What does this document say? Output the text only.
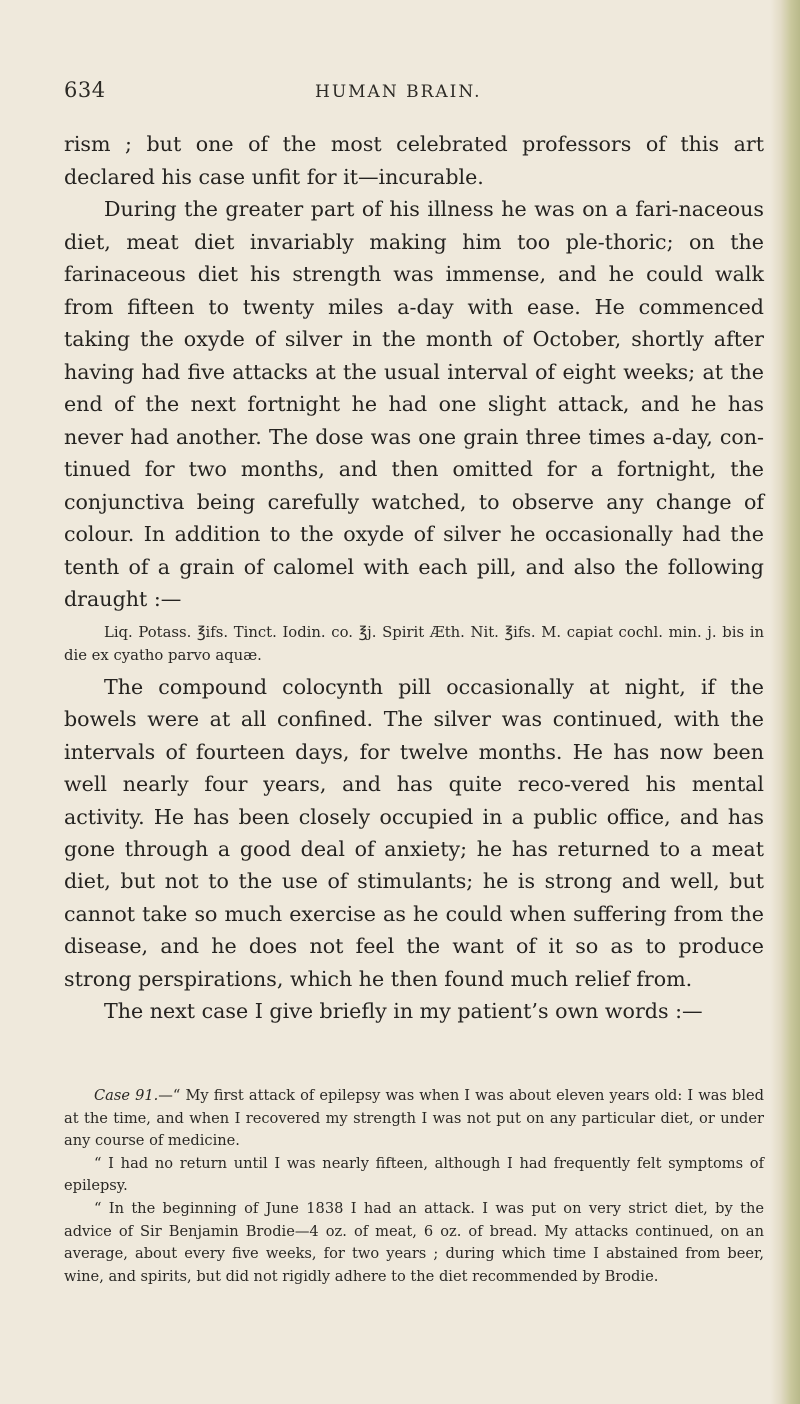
634	HUMAN BRAIN.

rism ; but one of the most celebrated professors of this art declared his case unfit for it—incurable.

During the greater part of his illness he was on a fari-naceous diet, meat diet invariably making him too ple-thoric; on the farinaceous diet his strength was immense, and he could walk from fifteen to twenty miles a-day with ease. He commenced taking the oxyde of silver in the month of October, shortly after having had five attacks at the usual interval of eight weeks; at the end of the next fortnight he had one slight attack, and he has never had another. The dose was one grain three times a-day, con-tinued for two months, and then omitted for a fortnight, the conjunctiva being carefully watched, to observe any change of colour. In addition to the oxyde of silver he occasionally had the tenth of a grain of calomel with each pill, and also the following draught :—

Liq. Potass. ℥ifs. Tinct. Iodin. co. ℥j. Spirit Æth. Nit. ℥ifs. M. capiat cochl. min. j. bis in die ex cyatho parvo aquæ.

The compound colocynth pill occasionally at night, if the bowels were at all confined. The silver was continued, with the intervals of fourteen days, for twelve months. He has now been well nearly four years, and has quite reco-vered his mental activity. He has been closely occupied in a public office, and has gone through a good deal of anxiety; he has returned to a meat diet, but not to the use of stimulants; he is strong and well, but cannot take so much exercise as he could when suffering from the disease, and he does not feel the want of it so as to produce strong perspirations, which he then found much relief from.

The next case I give briefly in my patient’s own words :—

Case 91.—“ My first attack of epilepsy was when I was about eleven years old: I was bled at the time, and when I recovered my strength I was not put on any particular diet, or under any course of medicine.

“ I had no return until I was nearly fifteen, although I had frequently felt symptoms of epilepsy.

“ In the beginning of June 1838 I had an attack. I was put on very strict diet, by the advice of Sir Benjamin Brodie—4 oz. of meat, 6 oz. of bread. My attacks continued, on an average, about every five weeks, for two years ; during which time I abstained from beer, wine, and spirits, but did not rigidly adhere to the diet recommended by Brodie.
